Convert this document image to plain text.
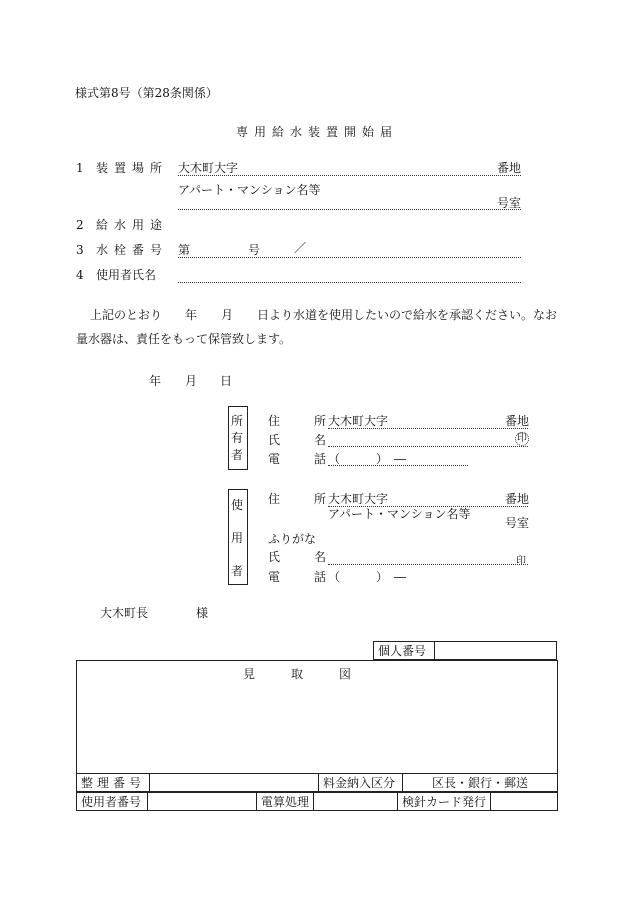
様式第8号（第28条関係）
専用給水装置開始届
1 装置場所 大木町大字	番地
アパート・マンション名等
号室
2 給水用途
3 水栓番号 第	号	／
4 使用者氏名
上記のとおり 年 月 日より水道を使用したいので給水を承認ください。なお
量水器は、責任をもって保管致します。
年 月 日
所
有
者
住　所
大木町大字	番地
氏　名	印
電　話
（　　　）　―
使
用
者
住　所
大木町大字	番地
アパート・マンション名等
号室
ふりがな
氏　名	印
電　話
（　　　）　―
大木町長	様
個人番号	
見　　　取　　　図
整理番号		料金納入区分	区長・銀行・郵送
使用者番号		電算処理		検針カード発行	
